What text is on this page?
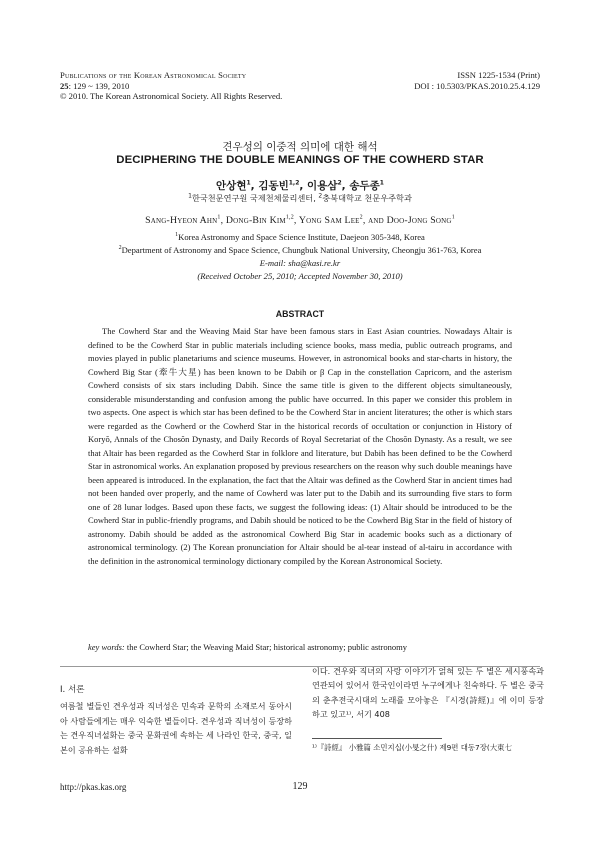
Publications of the Korean Astronomical Society
25: 129 ~ 139, 2010
© 2010. The Korean Astronomical Society. All Rights Reserved.
ISSN 1225-1534 (Print)
DOI : 10.5303/PKAS.2010.25.4.129
견우성의 이중적 의미에 대한 해석
DECIPHERING THE DOUBLE MEANINGS OF THE COWHERD STAR
안상현$^1$, 김동빈$^{1,2}$, 이용삼$^2$, 송두종$^1$
$^1$한국천문연구원 국제천체물리센터, $^2$충북대학교 천문우주학과
Sang-Hyeon Ahn$^1$, Dong-Bin Kim$^{1,2}$, Yong Sam Lee$^2$, and Doo-Jong Song$^1$
$^1$Korea Astronomy and Space Science Institute, Daejeon 305-348, Korea
$^2$Department of Astronomy and Space Science, Chungbuk National University, Cheongju 361-763, Korea
E-mail: sha@kasi.re.kr
(Received October 25, 2010; Accepted November 30, 2010)
ABSTRACT

The Cowherd Star and the Weaving Maid Star have been famous stars in East Asian countries. Nowadays Altair is defined to be the Cowherd Star in public materials including science books, mass media, public outreach programs, and movies played in public planetariums and science museums. However, in astronomical books and star-charts in history, the Cowherd Big Star (牽牛大星) has been known to be Dabih or β Cap in the constellation Capricorn, and the asterism Cowherd consists of six stars including Dabih. Since the same title is given to the different objects simultaneously, considerable misunderstanding and confusion among the public have occurred. In this paper we consider this problem in two aspects. One aspect is which star has been defined to be the Cowherd Star in ancient literatures; the other is which stars were regarded as the Cowherd or the Cowherd Star in the historical records of occultation or conjunction in History of Koryŏ, Annals of the Chosŏn Dynasty, and Daily Records of Royal Secretariat of the Chosŏn Dynasty. As a result, we see that Altair has been regarded as the Cowherd Star in folklore and literature, but Dabih has been defined to be the Cowherd Star in astronomical works. An explanation proposed by previous researchers on the reason why such double meanings have been appeared is introduced. In the explanation, the fact that the Altair was defined as the Cowherd Star in ancient times had not been handed over properly, and the name of Cowherd was later put to the Dabih and its surrounding five stars to form one of 28 lunar lodges. Based upon these facts, we suggest the following ideas: (1) Altair should be introduced to be the Cowherd Star in public-friendly programs, and Dabih should be noticed to be the Cowherd Big Star in the field of history of astronomy. Dabih should be added as the astronomical Cowherd Big Star in academic books such as a dictionary of astronomical terminology. (2) The Korean pronunciation for Altair should be al-tear instead of al-tairu in accordance with the definition in the astronomical terminology dictionary compiled by the Korean Astronomical Society.

key words: the Cowherd Star; the Weaving Maid Star; historical astronomy; public astronomy
I. 서론
여름철 별들인 견우성과 직녀성은 민속과 문학의 소재로서 동아시아 사람들에게는 매우 익숙한 별들이다. 견우성과 직녀성이 등장하는 견우직녀설화는 중국 문화권에 속하는 세 나라인 한국, 중국, 일본이 공유하는 설화
이다. 견우와 직녀의 사랑 이야기가 얽혀 있는 두 별은 세시풍속과 연관되어 있어서 한국인이라면 누구에게나 친숙하다. 두 별은 중국의 춘추전국시대의 노래를 모아놓은 『시경(詩經)』에 이미 등장하고 있고¹⁾, 서기 408
¹⁾『詩經』 小雅篇 소민지십(小旻之什) 제9편 대동7장(大東七
http://pkas.kas.org	129
